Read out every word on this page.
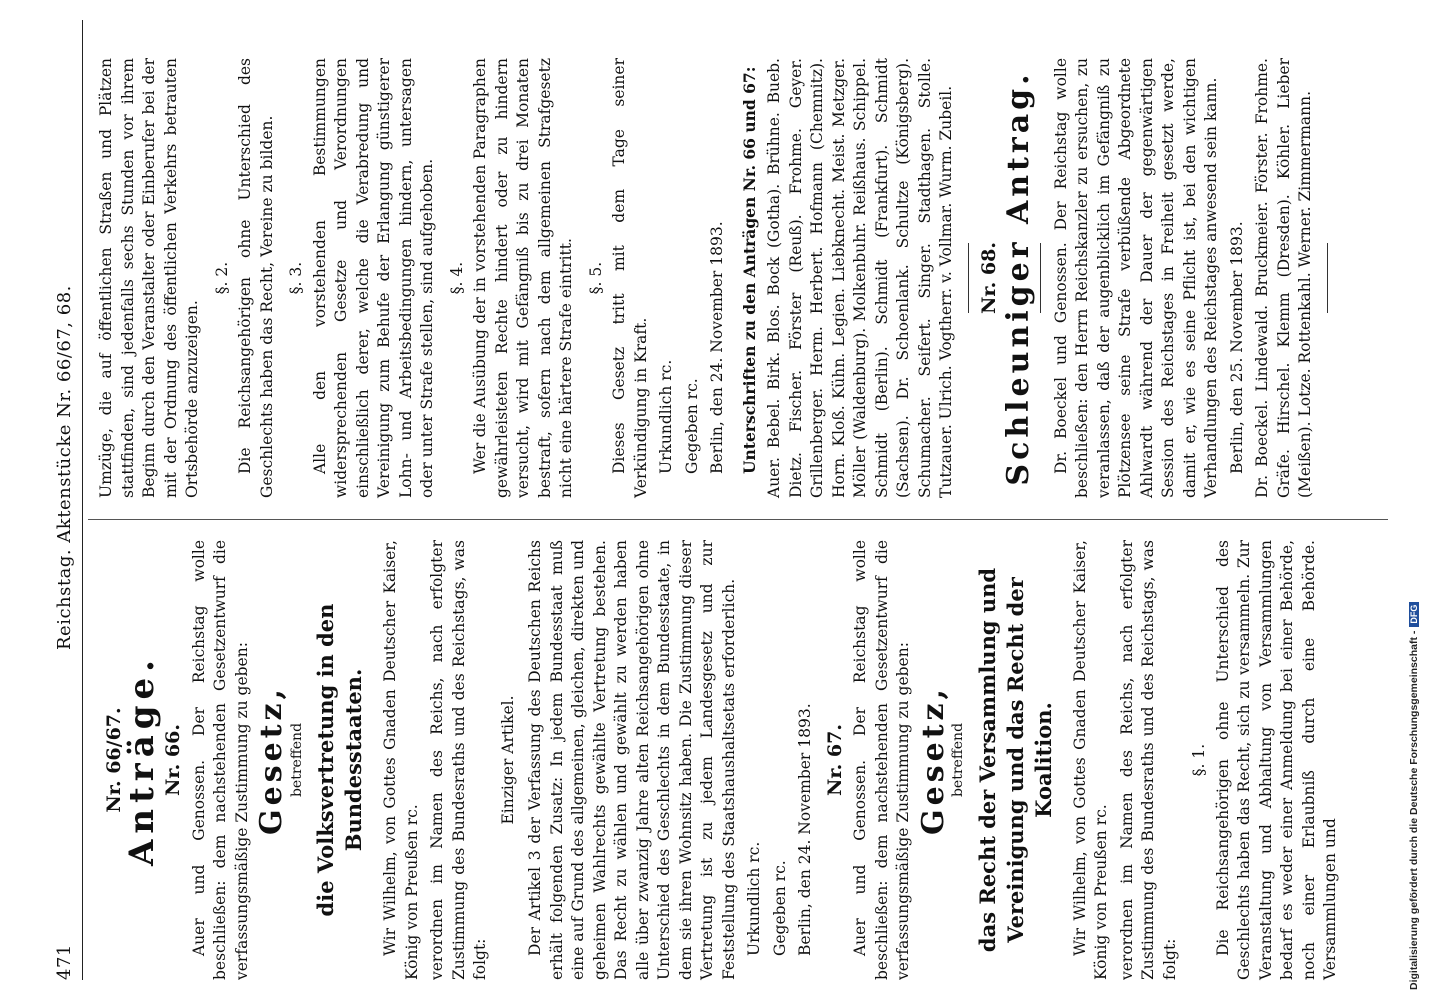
471
Reichstag. Aktenstücke Nr. 66/67, 68.
Nr. 66/67.
Anträge. Nr. 66. Auer und Genossen. Der Reichstag wolle beschließen: dem nachstehenden Gesetzentwurf die verfassungsmäßige Zustimmung zu geben: Gesetz, betreffend die Volksvertretung in den Bundesstaaten. Wir Wilhelm, von Gottes Gnaden Deutscher Kaiser, König von Preußen rc. verordnen im Namen des Reichs, nach erfolgter Zustimmung des Bundesraths und des Reichstags, was folgt:

Einziger Artikel. Der Artikel 3 der Verfassung des Deutschen Reichs erhält folgenden Zusatz: In jedem Bundesstaat muß eine auf Grund des allgemeinen, gleichen, direkten und geheimen Wahlrechts gewählte Vertretung bestehen. Das Recht zu wählen und gewählt zu werden haben alle über zwanzig Jahre alten Reichsangehörigen ohne Unterschied des Geschlechts in dem Bundesstaate, in dem sie ihren Wohnsitz haben. Die Zustimmung dieser Vertretung ist zu jedem Landesgesetz und zur Feststellung des Staatshaushaltsetats erforderlich. Urkundlich rc. Gegeben rc. Berlin, den 24. November 1893. Nr. 67. Auer und Genossen. Der Reichstag wolle beschließen: dem nachstehenden Gesetzentwurf die verfassungsmäßige Zustimmung zu geben: Gesetz, betreffend das Recht der Versammlung und Vereinigung und das Recht der Koalition. Wir Wilhelm, von Gottes Gnaden Deutscher Kaiser, König von Preußen rc. verordnen im Namen des Reichs, nach erfolgter Zustimmung des Bundesraths und des Reichstags, was folgt:

§. 1. Die Reichsangehörigen ohne Unterschied des Geschlechts haben das Recht, sich zu versammeln. Zur Veranstaltung und Abhaltung von Versammlungen bedarf es weder einer Anmeldung bei einer Behörde, noch einer Erlaubniß durch eine Behörde. Versammlungen und

Umzüge, die auf öffentlichen Straßen und Plätzen stattfinden, sind jedenfalls sechs Stunden vor ihrem Beginn durch den Veranstalter oder Einberufer bei der mit der Ordnung des öffentlichen Verkehrs betrauten Ortsbehörde anzuzeigen.

§. 2. Die Reichsangehörigen ohne Unterschied des Geschlechts haben das Recht, Vereine zu bilden. §. 3. Alle den vorstehenden Bestimmungen widersprechenden Gesetze und Verordnungen einschließlich derer, welche die Verabredung und Vereinigung zum Behufe der Erlangung günstigerer Lohn- und Arbeitsbedingungen hindern, untersagen oder unter Strafe stellen, sind aufgehoben. §. 4. Wer die Ausübung der in vorstehenden Paragraphen gewährleisteten Rechte hindert oder zu hindern versucht, wird mit Gefängniß bis zu drei Monaten bestraft, sofern nach dem allgemeinen Strafgesetz nicht eine härtere Strafe eintritt. §. 5. Dieses Gesetz tritt mit dem Tage seiner Verkündigung in Kraft. Urkundlich rc. Gegeben rc. Berlin, den 24. November 1893. Unterschriften zu den Anträgen Nr. 66 und 67: Auer. Bebel. Birk. Blos. Bock (Gotha). Brühne. Bueb. Dietz. Fischer. Förster (Reuß). Frohme. Geyer. Grillenberger. Herm. Herbert. Hofmann (Chemnitz). Horn. Kloß. Kühn. Legien. Liebknecht. Meist. Metzger. Möller (Waldenburg). Molkenbuhr. Reißhaus. Schippel. Schmidt (Berlin). Schmidt (Frankfurt). Schmidt (Sachsen). Dr. Schoenlank. Schultze (Königsberg). Schumacher. Seifert. Singer. Stadthagen. Stolle. Tutzauer. Ulrich. Vogtherr. v. Vollmar. Wurm. Zubeil. Nr. 68. Schleuniger Antrag. Dr. Boeckel und Genossen. Der Reichstag wolle beschließen: den Herrn Reichskanzler zu ersuchen, zu veranlassen, daß der augenblicklich im Gefängniß zu Plötzensee seine Strafe verbüßende Abgeordnete Ahlwardt während der Dauer der gegenwärtigen Session des Reichstages in Freiheit gesetzt werde, damit er, wie es seine Pflicht ist, bei den wichtigen Verhandlungen des Reichstages anwesend sein kann. Berlin, den 25. November 1893. Dr. Boeckel. Lindewald. Bruckmeier. Förster. Frohme. Gräfe. Hirschel. Klemm (Dresden). Köhler. Lieber (Meißen). Lotze. Rottenkahl. Werner. Zimmermann.

Digitalisierung gefördert durch die Deutsche Forschungsgemeinschaft -DFG
